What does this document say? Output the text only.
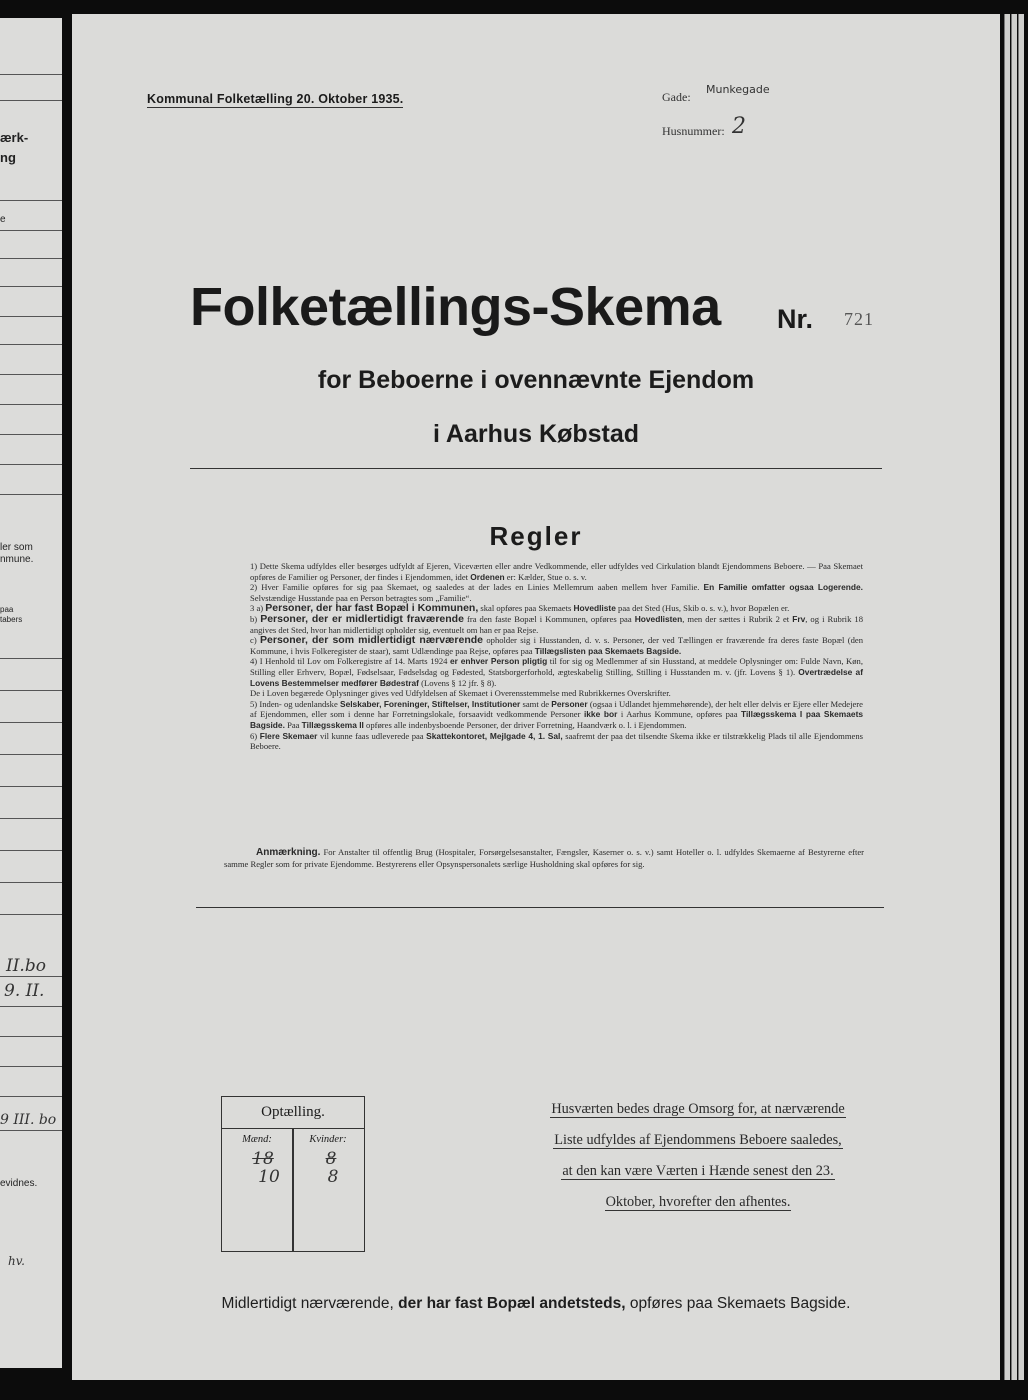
ærk-
ng
e
ler som
nmune.
paa
tabers
II.bo
9. II.
9 III. bo
evidnes.
hv.
Kommunal Folketælling 20. Oktober 1935.	Gade:
Munkegade
Husnummer: 2
Folketællings-Skema Nr. 721
for Beboerne i ovennævnte Ejendom
i Aarhus Købstad
Regler

1) Dette Skema udfyldes eller besørges udfyldt af Ejeren, Viceværten eller andre Vedkommende, eller udfyldes ved Cirkulation blandt Ejendommens Beboere. — Paa Skemaet opføres de Familier og Personer, der findes i Ejendommen, idet Ordenen er: Kælder, Stue o. s. v.

2) Hver Familie opføres for sig paa Skemaet, og saaledes at der lades en Linies Mellemrum aaben mellem hver Familie. En Familie omfatter ogsaa Logerende. Selvstændige Husstande paa en Person betragtes som „Familie“.

3 a) Personer, der har fast Bopæl i Kommunen, skal opføres paa Skemaets Hovedliste paa det Sted (Hus, Skib o. s. v.), hvor Bopælen er.

b) Personer, der er midlertidigt fraværende fra den faste Bopæl i Kommunen, opføres paa Hovedlisten, men der sættes i Rubrik 2 et Frv, og i Rubrik 18 angives det Sted, hvor han midlertidigt opholder sig, eventuelt om han er paa Rejse.

c) Personer, der som midlertidigt nærværende opholder sig i Husstanden, d. v. s. Personer, der ved Tællingen er fraværende fra deres faste Bopæl (den Kommune, i hvis Folkeregister de staar), samt Udlændinge paa Rejse, opføres paa Tillægslisten paa Skemaets Bagside.

4) I Henhold til Lov om Folkeregistre af 14. Marts 1924 er enhver Person pligtig til for sig og Medlemmer af sin Husstand, at meddele Oplysninger om: Fulde Navn, Køn, Stilling eller Erhverv, Bopæl, Fødselsaar, Fødselsdag og Fødested, Statsborgerforhold, ægteskabelig Stilling, Stilling i Husstanden m. v. (jfr. Lovens § 1). Overtrædelse af Lovens Bestemmelser medfører Bødestraf (Lovens § 12 jfr. § 8).

De i Loven begærede Oplysninger gives ved Udfyldelsen af Skemaet i Overensstemmelse med Rubrikkernes Overskrifter.

5) Inden- og udenlandske Selskaber, Foreninger, Stiftelser, Institutioner samt de Personer (ogsaa i Udlandet hjemmehørende), der helt eller delvis er Ejere eller Medejere af Ejendommen, eller som i denne har Forretningslokale, forsaavidt vedkommende Personer ikke bor i Aarhus Kommune, opføres paa Tillægsskema I paa Skemaets Bagside. Paa Tillægsskema II opføres alle indenbysboende Personer, der driver Forretning, Haandværk o. l. i Ejendommen.

6) Flere Skemaer vil kunne faas udleverede paa Skattekontoret, Mejlgade 4, 1. Sal, saafremt der paa det tilsendte Skema ikke er tilstrækkelig Plads til alle Ejendommens Beboere.

Anmærkning. For Anstalter til offentlig Brug (Hospitaler, Forsørgelsesanstalter, Fængsler, Kaserner o. s. v.) samt Hoteller o. l. udfyldes Skemaerne af Bestyrerne efter samme Regler som for private Ejendomme. Bestyrerens eller Opsynspersonalets særlige Husholdning skal opføres for sig.

Optælling.
Mænd:	Kvinder:
18
10
8
8
Husværten bedes drage Omsorg for, at nærværende
Liste udfyldes af Ejendommens Beboere saaledes,
at den kan være Værten i Hænde senest den 23.
Oktober, hvorefter den afhentes.
Midlertidigt nærværende, der har fast Bopæl andetsteds, opføres paa Skemaets Bagside.
